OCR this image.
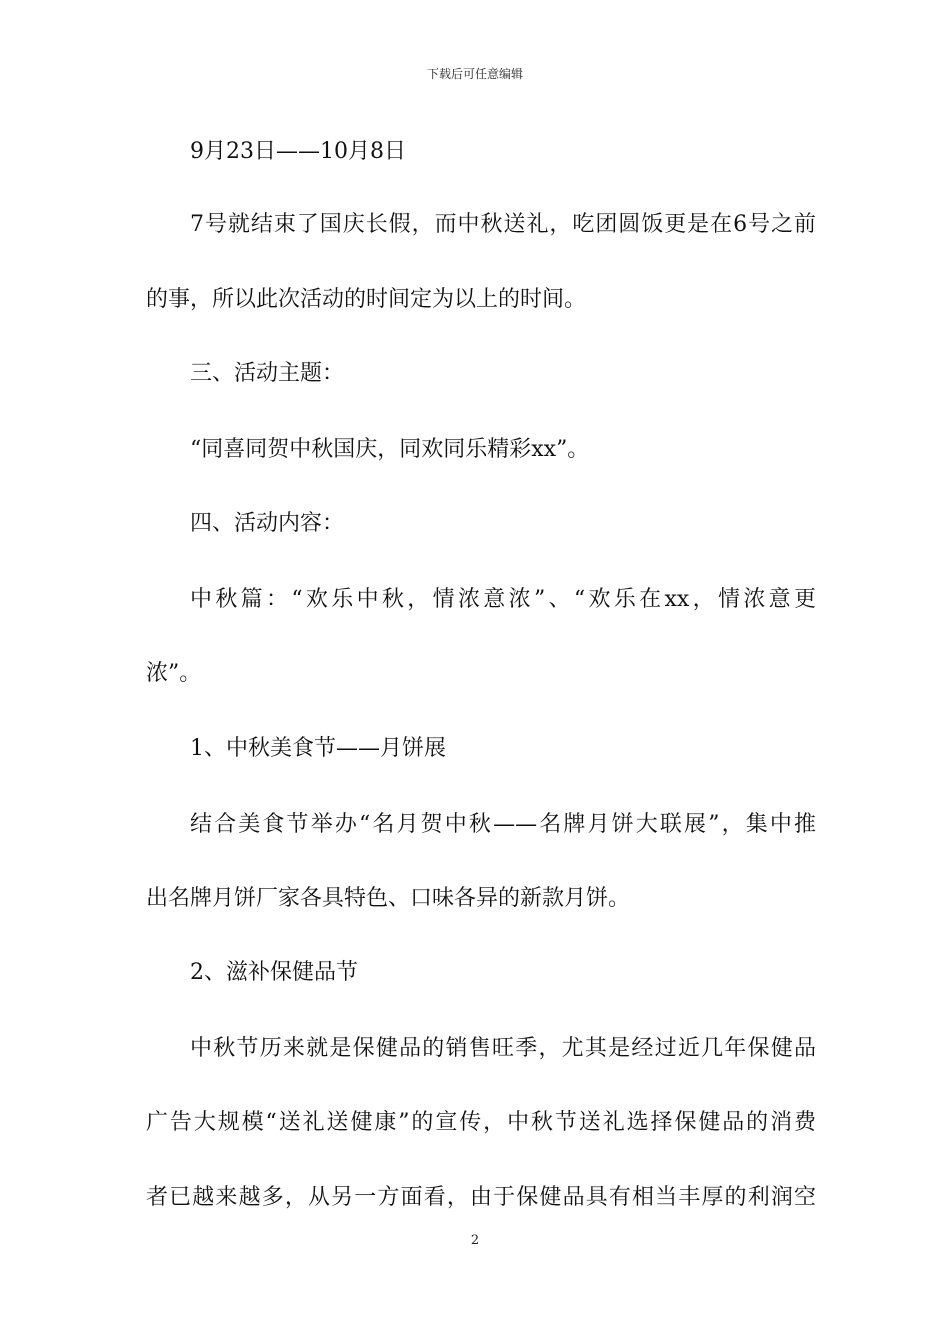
下载后可任意编辑
9月23日——10月8日
7号就结束了国庆长假，而中秋送礼，吃团圆饭更是在6号之前
的事，所以此次活动的时间定为以上的时间。
三、活动主题：
“同喜同贺中秋国庆，同欢同乐精彩xx”。
四、活动内容：
中秋篇：“欢乐中秋，情浓意浓”、“欢乐在xx，情浓意更
浓”。
1、中秋美食节——月饼展
结合美食节举办“名月贺中秋——名牌月饼大联展”，集中推
出名牌月饼厂家各具特色、口味各异的新款月饼。
2、滋补保健品节
中秋节历来就是保健品的销售旺季，尤其是经过近几年保健品
广告大规模“送礼送健康”的宣传，中秋节送礼选择保健品的消费
者已越来越多，从另一方面看，由于保健品具有相当丰厚的利润空
2
